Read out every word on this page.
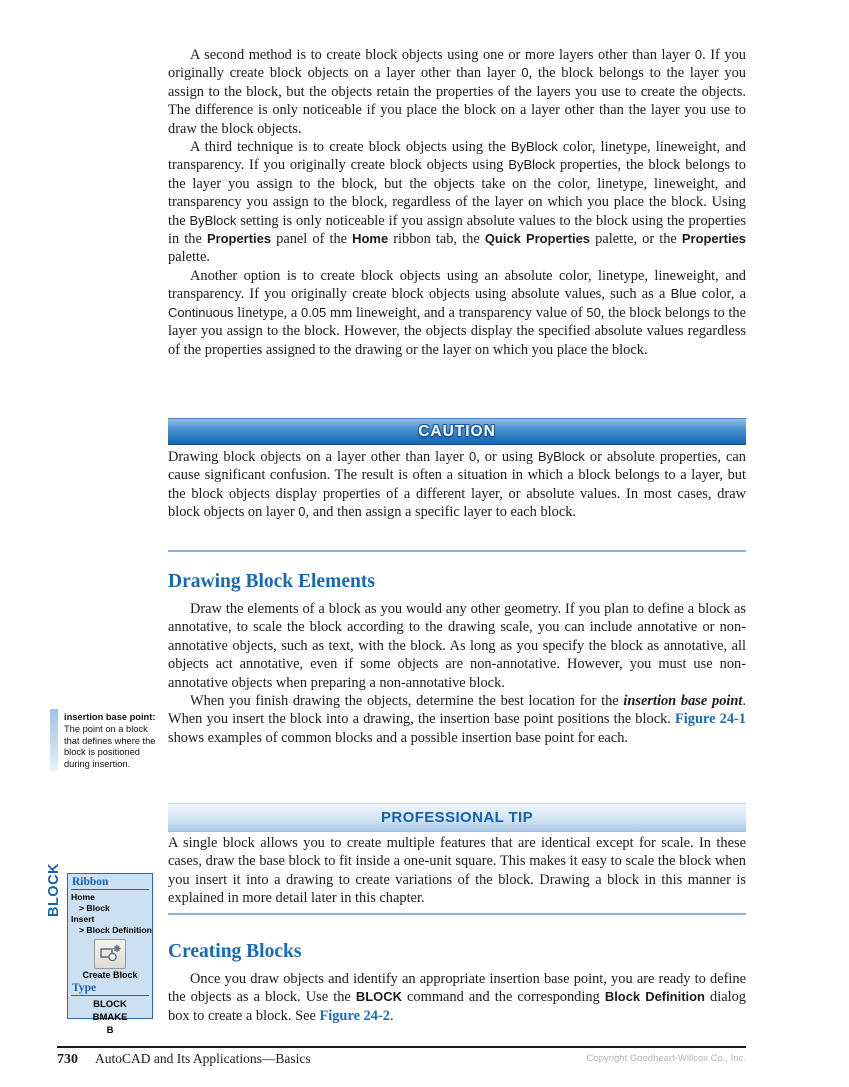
A second method is to create block objects using one or more layers other than layer 0. If you originally create block objects on a layer other than layer 0, the block belongs to the layer you assign to the block, but the objects retain the properties of the layers you use to create the objects. The difference is only noticeable if you place the block on a layer other than the layer you use to draw the block objects.

A third technique is to create block objects using the ByBlock color, linetype, lineweight, and transparency. If you originally create block objects using ByBlock properties, the block belongs to the layer you assign to the block, but the objects take on the color, linetype, lineweight, and transparency you assign to the block, regardless of the layer on which you place the block. Using the ByBlock setting is only noticeable if you assign absolute values to the block using the properties in the Properties panel of the Home ribbon tab, the Quick Properties palette, or the Properties palette.

Another option is to create block objects using an absolute color, linetype, lineweight, and transparency. If you originally create block objects using absolute values, such as a Blue color, a Continuous linetype, a 0.05 mm lineweight, and a transparency value of 50, the block belongs to the layer you assign to the block. However, the objects display the specified absolute values regardless of the properties assigned to the drawing or the layer on which you place the block.

CAUTION

Drawing block objects on a layer other than layer 0, or using ByBlock or absolute properties, can cause significant confusion. The result is often a situation in which a block belongs to a layer, but the block objects display properties of a different layer, or absolute values. In most cases, draw block objects on layer 0, and then assign a specific layer to each block.

Drawing Block Elements

Draw the elements of a block as you would any other geometry. If you plan to define a block as annotative, to scale the block according to the drawing scale, you can include annotative or non-annotative objects, such as text, with the block. As long as you specify the block as annotative, all objects act annotative, even if some objects are non-annotative. However, you must use non-annotative objects when preparing a non-annotative block.

When you finish drawing the objects, determine the best location for the insertion base point. When you insert the block into a drawing, the insertion base point positions the block. Figure 24-1 shows examples of common blocks and a possible insertion base point for each.

insertion base point: The point on a block that defines where the block is positioned during insertion.
PROFESSIONAL TIP

A single block allows you to create multiple features that are identical except for scale. In these cases, draw the base block to fit inside a one-unit square. This makes it easy to scale the block when you insert it into a drawing to create variations of the block. Drawing a block in this manner is explained in more detail later in this chapter.

Creating Blocks

Once you draw objects and identify an appropriate insertion base point, you are ready to define the objects as a block. Use the BLOCK command and the corresponding Block Definition dialog box to create a block. See Figure 24-2.

BLOCK Ribbon
Home
> Block
Insert
> Block Definition
Create Block
Type
BLOCK
BMAKE
B
730 AutoCAD and Its Applications—Basics	Copyright Goodheart-Willcox Co., Inc.
